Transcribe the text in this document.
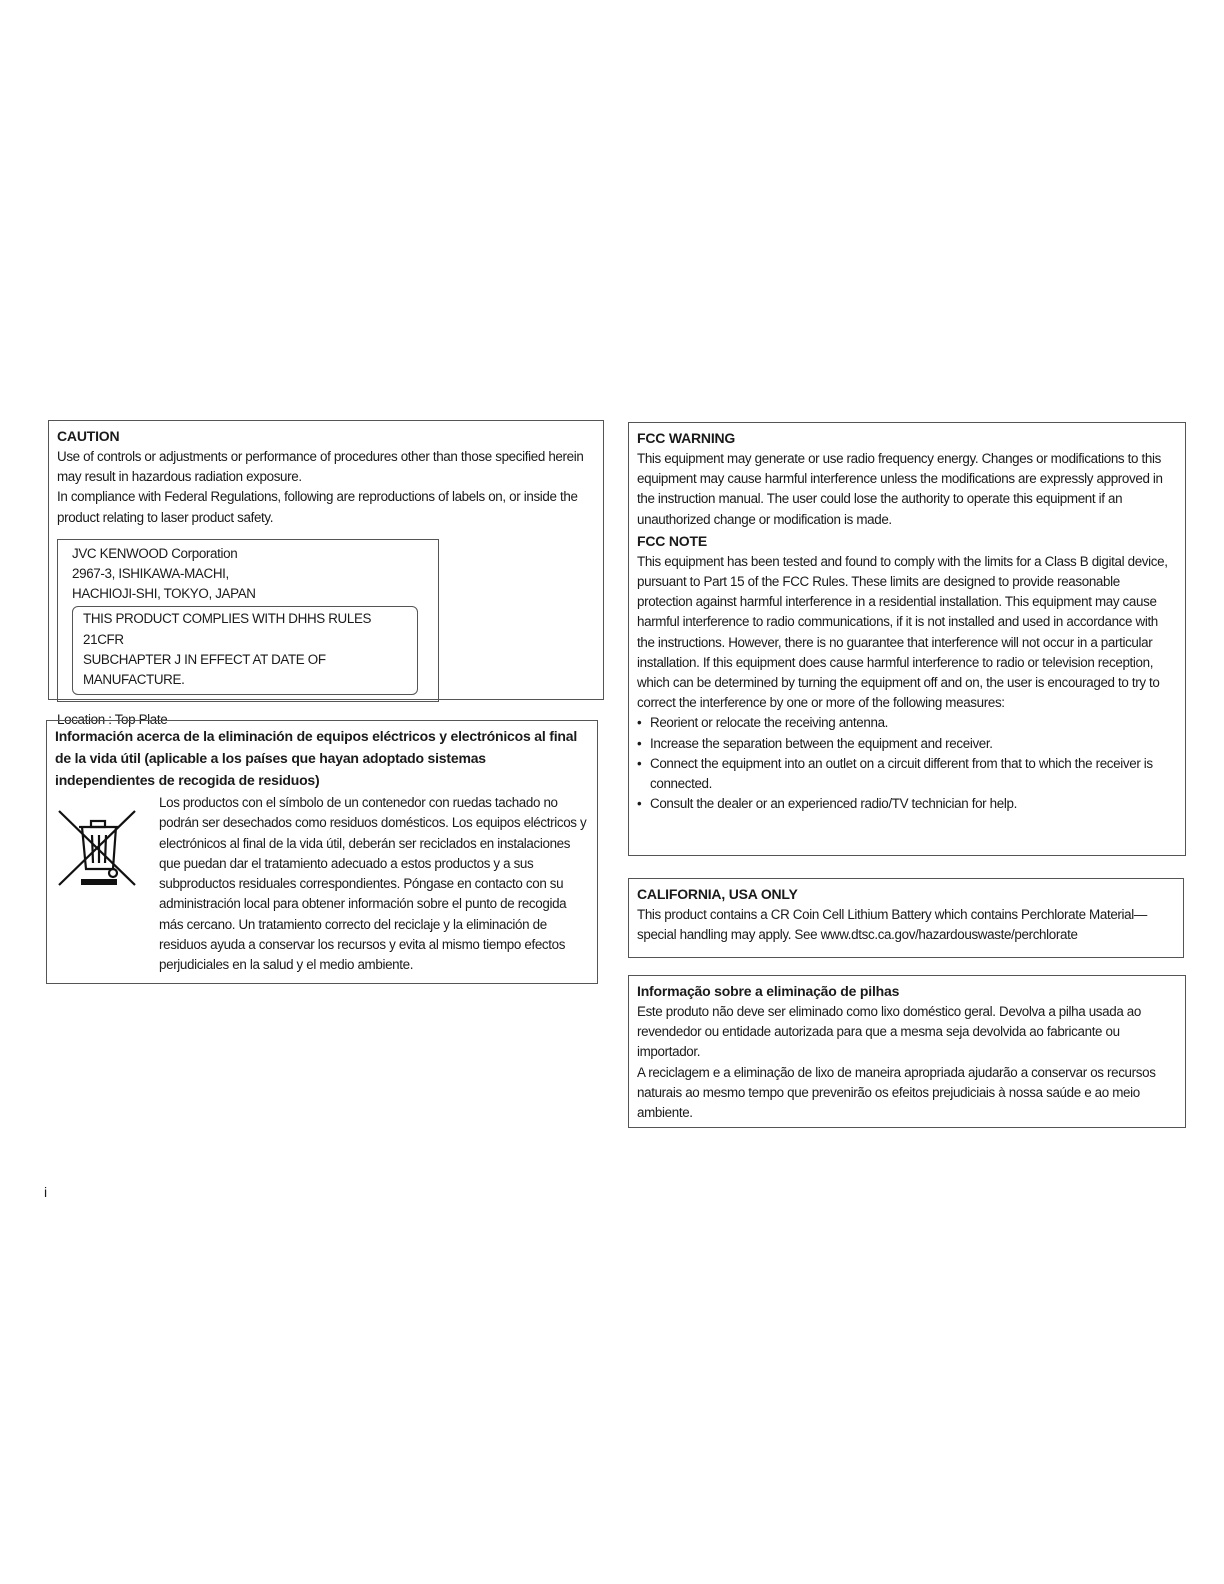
CAUTION

Use of controls or adjustments or performance of procedures other than those specified herein may result in hazardous radiation exposure.

In compliance with Federal Regulations, following are reproductions of labels on, or inside the product relating to laser product safety.

JVC KENWOOD Corporation
2967-3, ISHIKAWA-MACHI,
HACHIOJI-SHI, TOKYO, JAPAN
THIS PRODUCT COMPLIES WITH DHHS RULES 21CFR
SUBCHAPTER J IN EFFECT AT DATE OF MANUFACTURE.
Location : Top Plate
Información acerca de la eliminación de equipos eléctricos y electrónicos al final de la vida útil (aplicable a los países que hayan adoptado sistemas independientes de recogida de residuos)
Los productos con el símbolo de un contenedor con ruedas tachado no podrán ser desechados como residuos domésticos. Los equipos eléctricos y electrónicos al final de la vida útil, deberán ser reciclados en instalaciones que puedan dar el tratamiento adecuado a estos productos y a sus subproductos residuales correspondientes. Póngase en contacto con su administración local para obtener información sobre el punto de recogida más cercano. Un tratamiento correcto del reciclaje y la eliminación de residuos ayuda a conservar los recursos y evita al mismo tiempo efectos perjudiciales en la salud y el medio ambiente.
FCC WARNING

This equipment may generate or use radio frequency energy. Changes or modifications to this equipment may cause harmful interference unless the modifications are expressly approved in the instruction manual. The user could lose the authority to operate this equipment if an unauthorized change or modification is made.

FCC NOTE

This equipment has been tested and found to comply with the limits for a Class B digital device, pursuant to Part 15 of the FCC Rules. These limits are designed to provide reasonable protection against harmful interference in a residential installation. This equipment may cause harmful interference to radio communications, if it is not installed and used in accordance with the instructions. However, there is no guarantee that interference will not occur in a particular installation. If this equipment does cause harmful interference to radio or television reception, which can be determined by turning the equipment off and on, the user is encouraged to try to correct the interference by one or more of the following measures:

• Reorient or relocate the receiving antenna.
• Increase the separation between the equipment and receiver.
• Connect the equipment into an outlet on a circuit different from that to which the receiver is connected.
• Consult the dealer or an experienced radio/TV technician for help.
CALIFORNIA, USA ONLY

This product contains a CR Coin Cell Lithium Battery which contains Perchlorate Material— special handling may apply. See www.dtsc.ca.gov/hazardouswaste/perchlorate

Informação sobre a eliminação de pilhas

Este produto não deve ser eliminado como lixo doméstico geral. Devolva a pilha usada ao revendedor ou entidade autorizada para que a mesma seja devolvida ao fabricante ou importador.

A reciclagem e a eliminação de lixo de maneira apropriada ajudarão a conservar os recursos naturais ao mesmo tempo que prevenirão os efeitos prejudiciais à nossa saúde e ao meio ambiente.

i
